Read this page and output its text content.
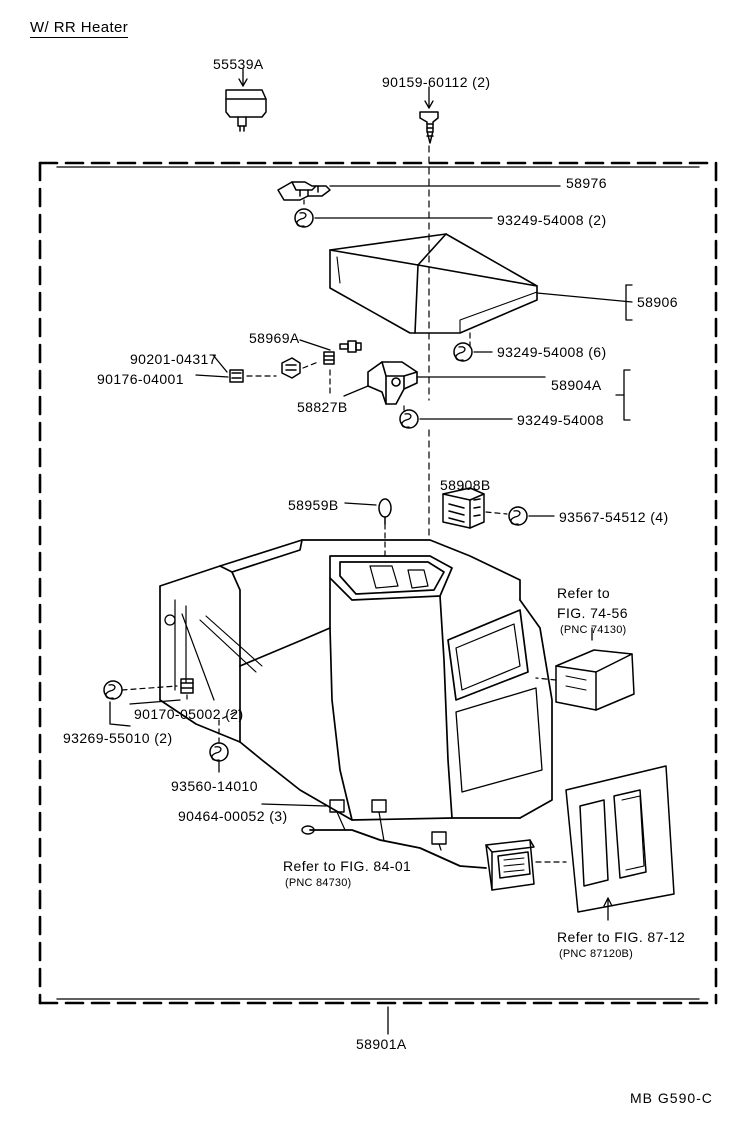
W/ RR Heater
55539A
90159-60112 (2)
58976
93249-54008 (2)
58906
93249-54008 (6)
58969A
90201-04317
90176-04001
58827B
58904A
93249-54008
58908B
58959B
93567-54512 (4)
Refer to
FIG. 74-56
(PNC 74130)
90170-05002 (2)
93269-55010 (2)
93560-14010
90464-00052 (3)
Refer to FIG. 84-01
(PNC 84730)
Refer to FIG. 87-12
(PNC 87120B)
58901A
MB G590-C
